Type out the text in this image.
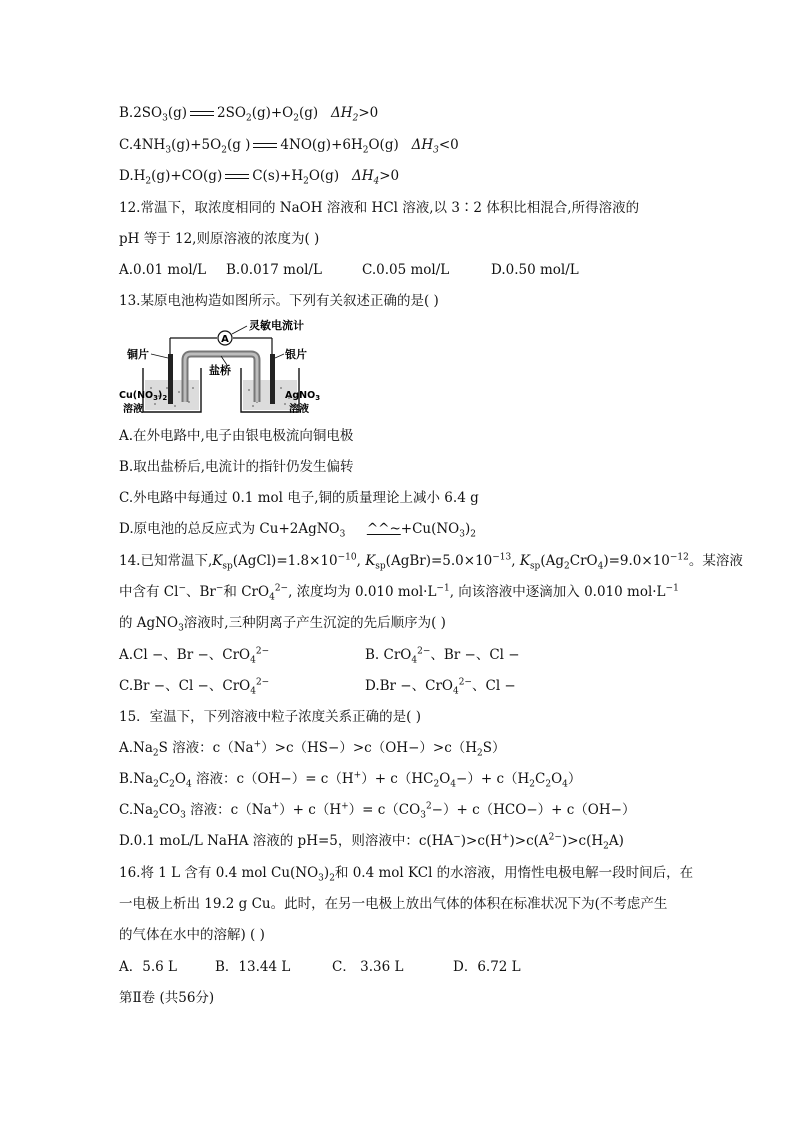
$B.2SO_3(g)$ $2SO_2(g)+O_2(g)$ $\Delta H_2>0$
$C.4NH_3(g)+5O_2(g$ ) $4NO(g)+6H_2O(g)$ $\Delta H_3<0$
$D.H_2(g)+CO(g)$ $C(s)+H_2O(g)$ $\Delta H_4>0$
12.常温下，取浓度相同的 NaOH 溶液和 HCl 溶液,以 3∶2 体积比相混合,所得溶液的
pH 等于 12,则原溶液的浓度为( )
A.0.01 mol/L B.0.017 mol/L	C.0.05 mol/L	D.0.50 mol/L
13.某原电池构造如图所示。下列有关叙述正确的是( )
A
灵敏电流计
盐桥
铜片	银片
$Cu(NO_3)_2$
溶液
AgNO$_3$
溶液
A.在外电路中,电子由银电极流向铜电极
B.取出盐桥后,电流计的指针仍发生偏转
C.外电路中每通过 0.1 mol 电子,铜的质量理论上减小 6.4 g
D.原电池的总反应式为 Cu+2AgNO$_3$ $\^{}\^{}\sim+Cu(NO_3)_2$
14.已知常温下$,K_{sp}(AgCl)=1.8\times 10^{-10}$, $K_{sp}(AgBr)=5.0\times 10^{-13}$, $K_{sp}(Ag_2CrO_4)=9.0\times 10^{-12}$。某溶液
中含有 Cl−、Br−和 CrO$_4^{2-}$, 浓度均为 0.010 $mol\cdot L^{-1}$, 向该溶液中逐滴加入 0.010 $mol\cdot L^{-1}$
的 AgNO$_3$溶液时,三种阴离子产生沉淀的先后顺序为( )
A.Cl −、Br −、CrO$_4^{2-}$	B. CrO$_4^{2-}$、Br −、Cl −
C.Br −、Cl −、CrO$_4^{2-}$	D.Br −、CrO$_4^{2-}$、Cl −
15．室温下，下列溶液中粒子浓度关系正确的是( )
$A.Na_2S$ 溶液：$c(Na^+)>c(HS-)>c(OH-)>c(H_2S)$
$B.Na_2C_2O_4$ 溶液：$c(OH-)= c(H^+)+ c(HC_2O_4-)+ c(H_2C_2O_4)$
$C.Na_2CO_3$ 溶液：$c(Na^+)+ c(H^+)= c(CO_3^2-)+ c(HCO-)+ c(OH-)$
D.0.1 moL/L NaHA 溶液的 pH=5，则溶液中：$c(HA^-)>c(H^+)>c(A^{2-})>c(H_2A)$
16.将 1 L 含有 0.4 mol $Cu(NO_3)_2$和 0.4 mol KCl 的水溶液，用惰性电极电解一段时间后，在
一电极上析出 19.2 g Cu。此时，在另一电极上放出气体的体积在标准状况下为(不考虑产生
的气体在水中的溶解) ( )
A．5.6 L	B．13.44 L	C． 3.36 L	D．6.72 L
第Ⅱ卷 (共56分)
